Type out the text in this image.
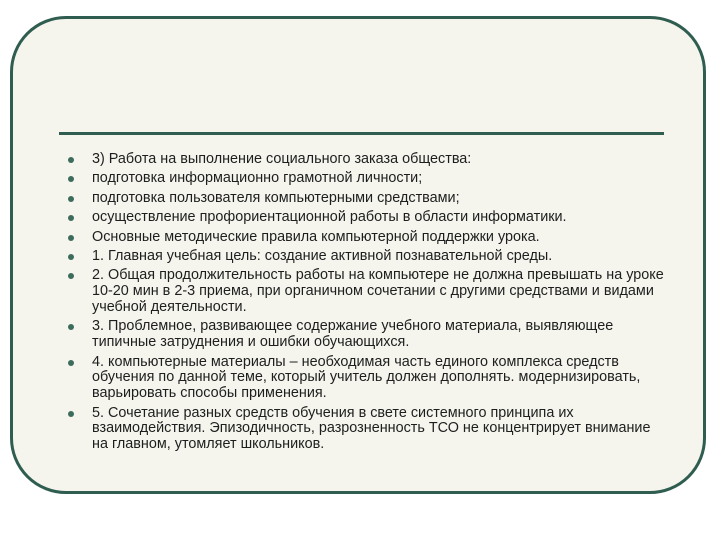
3) Работа на выполнение социального заказа общества:
подготовка информационно грамотной личности;
подготовка пользователя компьютерными средствами;
осуществление профориентационной работы в области информатики.
Основные методические правила компьютерной поддержки урока.
1. Главная учебная цель: создание активной познавательной среды.
2. Общая продолжительность работы на компьютере не должна превышать на уроке 10-20 мин в 2-3 приема, при органичном сочетании с другими средствами и видами учебной деятельности.
3. Проблемное, развивающее содержание учебного материала, выявляющее типичные затруднения и ошибки обучающихся.
4. компьютерные материалы – необходимая часть единого комплекса средств обучения по данной теме, который учитель должен дополнять. модернизировать, варьировать способы применения.
5. Сочетание разных средств обучения в свете системного принципа их взаимодействия. Эпизодичность, разрозненность ТСО не концентрирует внимание на главном, утомляет школьников.
